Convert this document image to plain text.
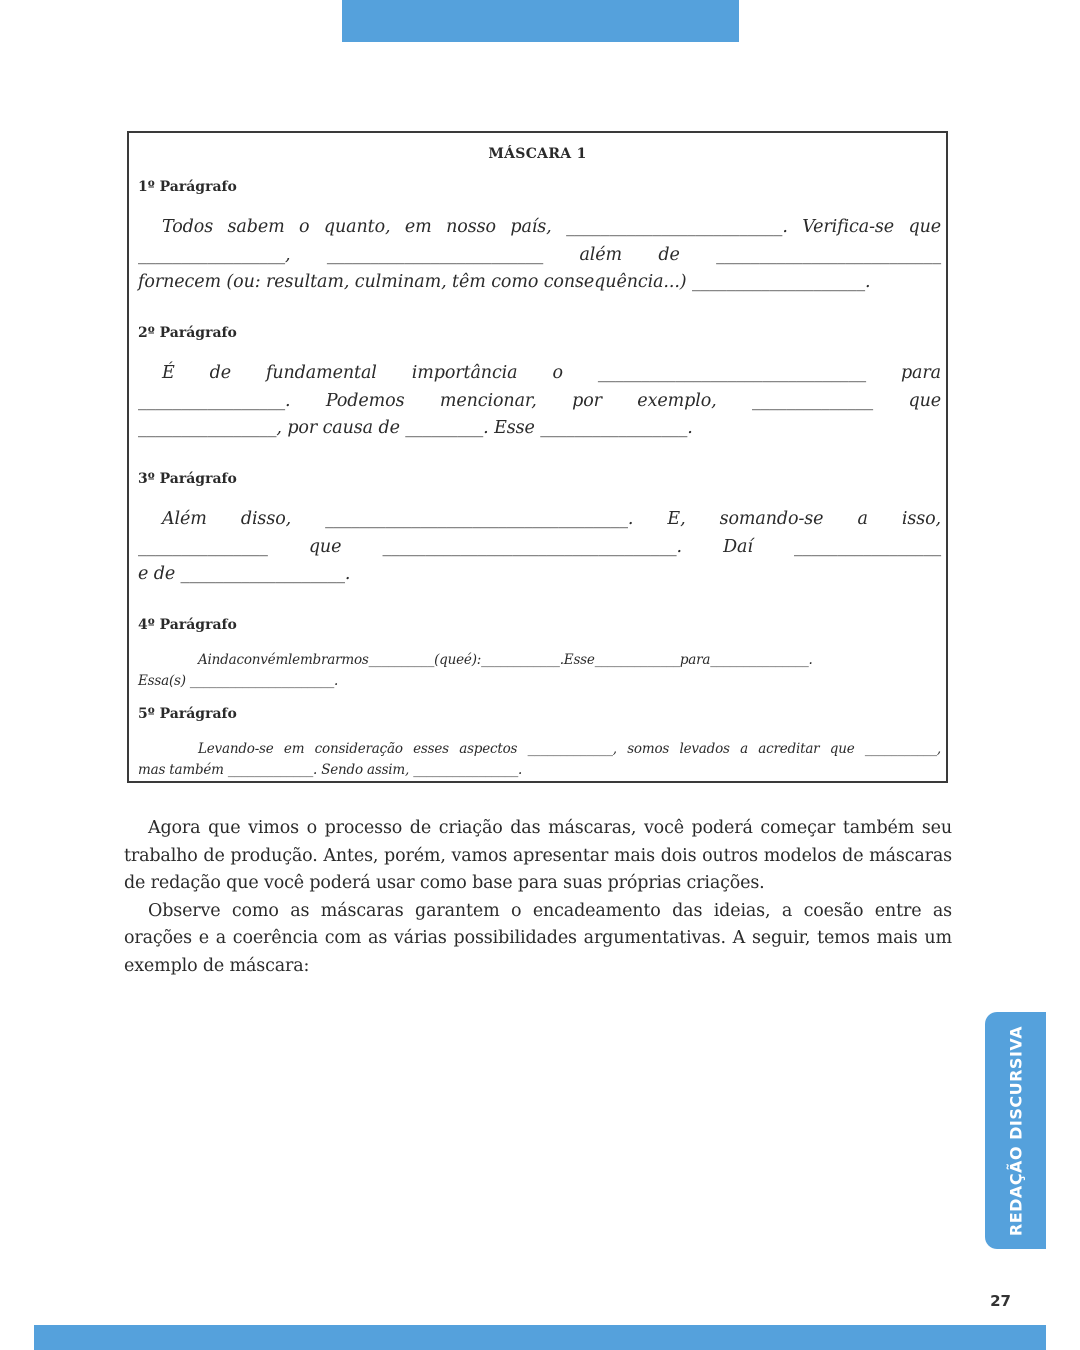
MÁSCARA 1
1º Parágrafo
Todos sabem o quanto, em nosso país, _________________________. Verifica-se que
_________________, _________________________ além de __________________________
fornecem (ou: resultam, culminam, têm como consequência...) ____________________.
2º Parágrafo
É de fundamental importância o _______________________________ para
_________________. Podemos mencionar, por exemplo, ______________ que
________________, por causa de _________. Esse _________________.
3º Parágrafo
Além disso, ___________________________________. E, somando-se a isso,
_______________ que __________________________________. Daí _________________
e de ___________________.
4º Parágrafo
Aindaconvémlembrarmos__________(queé):____________.Esse_____________para_______________.
Essa(s) ______________________.
5º Parágrafo
Levando-se em consideração esses aspectos _____________, somos levados a acreditar que ___________,
mas também _____________. Sendo assim, ________________.

Agora que vimos o processo de criação das máscaras, você poderá começar também seu trabalho de produção. Antes, porém, vamos apresentar mais dois outros modelos de máscaras de redação que você poderá usar como base para suas próprias criações.

Observe como as máscaras garantem o encadeamento das ideias, a coesão entre as orações e a coerência com as várias possibilidades argumentativas. A seguir, temos mais um exemplo de máscara:

REDAÇÃO DISCURSIVA
27
